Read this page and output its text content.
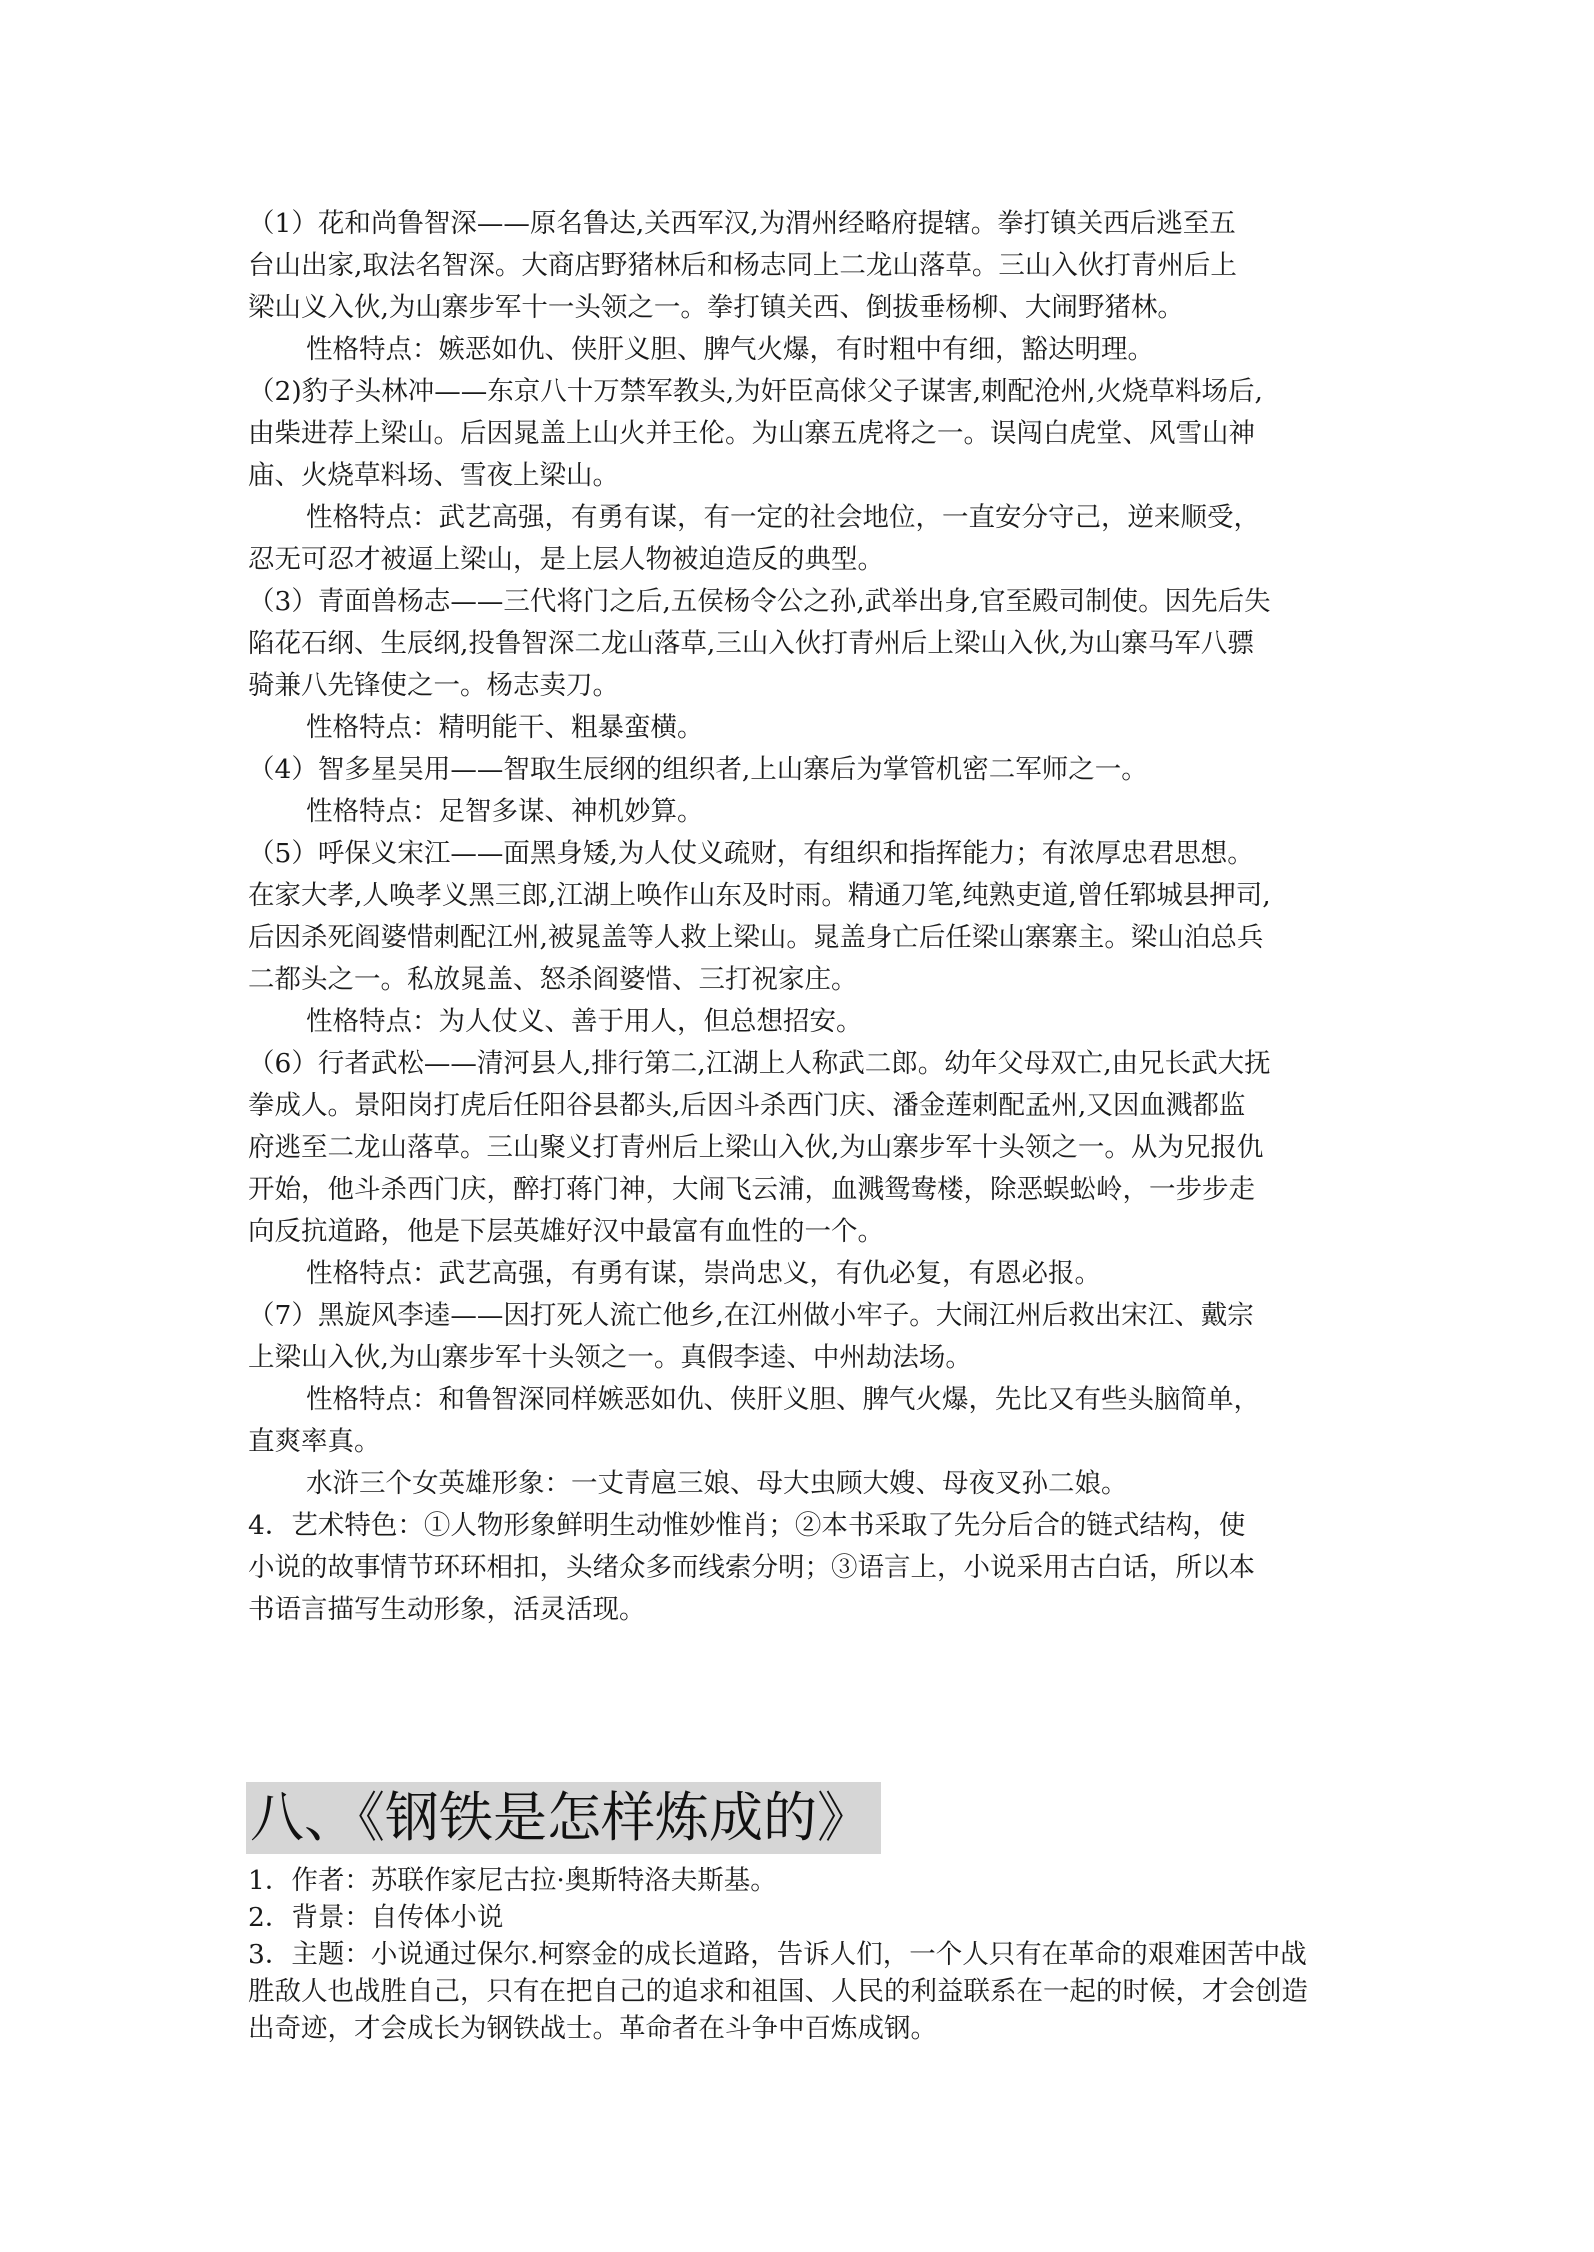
（1）花和尚鲁智深——原名鲁达,关西军汉,为渭州经略府提辖。拳打镇关西后逃至五

台山出家,取法名智深。大商店野猪林后和杨志同上二龙山落草。三山入伙打青州后上

梁山义入伙,为山寨步军十一头领之一。拳打镇关西、倒拔垂杨柳、大闹野猪林。

性格特点：嫉恶如仇、侠肝义胆、脾气火爆，有时粗中有细，豁达明理。

（2)豹子头林冲——东京八十万禁军教头,为奸臣高俅父子谋害,刺配沧州,火烧草料场后,

由柴进荐上梁山。后因晁盖上山火并王伦。为山寨五虎将之一。误闯白虎堂、风雪山神

庙、火烧草料场、雪夜上梁山。

性格特点：武艺高强，有勇有谋，有一定的社会地位，一直安分守己，逆来顺受，

忍无可忍才被逼上梁山，是上层人物被迫造反的典型。

（3）青面兽杨志——三代将门之后,五侯杨令公之孙,武举出身,官至殿司制使。因先后失

陷花石纲、生辰纲,投鲁智深二龙山落草,三山入伙打青州后上梁山入伙,为山寨马军八骠

骑兼八先锋使之一。杨志卖刀。

性格特点：精明能干、粗暴蛮横。

（4）智多星吴用——智取生辰纲的组织者,上山寨后为掌管机密二军师之一。

性格特点：足智多谋、神机妙算。

（5）呼保义宋江——面黑身矮,为人仗义疏财，有组织和指挥能力；有浓厚忠君思想。

在家大孝,人唤孝义黑三郎,江湖上唤作山东及时雨。精通刀笔,纯熟吏道,曾任郓城县押司,

后因杀死阎婆惜刺配江州,被晁盖等人救上梁山。晁盖身亡后任梁山寨寨主。梁山泊总兵

二都头之一。私放晁盖、怒杀阎婆惜、三打祝家庄。

性格特点：为人仗义、善于用人，但总想招安。

（6）行者武松——清河县人,排行第二,江湖上人称武二郎。幼年父母双亡,由兄长武大抚

拳成人。景阳岗打虎后任阳谷县都头,后因斗杀西门庆、潘金莲刺配孟州,又因血溅都监

府逃至二龙山落草。三山聚义打青州后上梁山入伙,为山寨步军十头领之一。从为兄报仇

开始，他斗杀西门庆，醉打蒋门神，大闹飞云浦，血溅鸳鸯楼，除恶蜈蚣岭，一步步走

向反抗道路，他是下层英雄好汉中最富有血性的一个。

性格特点：武艺高强，有勇有谋，崇尚忠义，有仇必复，有恩必报。

（7）黑旋风李逵——因打死人流亡他乡,在江州做小牢子。大闹江州后救出宋江、戴宗

上梁山入伙,为山寨步军十头领之一。真假李逵、中州劫法场。

性格特点：和鲁智深同样嫉恶如仇、侠肝义胆、脾气火爆，先比又有些头脑简单，

直爽率真。

水浒三个女英雄形象：一丈青扈三娘、母大虫顾大嫂、母夜叉孙二娘。

4．艺术特色：①人物形象鲜明生动惟妙惟肖；②本书采取了先分后合的链式结构，使

小说的故事情节环环相扣，头绪众多而线索分明；③语言上，小说采用古白话，所以本

书语言描写生动形象，活灵活现。

八、《钢铁是怎样炼成的》

1．作者：苏联作家尼古拉·奥斯特洛夫斯基。

2．背景：自传体小说

3．主题：小说通过保尔.柯察金的成长道路，告诉人们，一个人只有在革命的艰难困苦中战

胜敌人也战胜自己，只有在把自己的追求和祖国、人民的利益联系在一起的时候，才会创造

出奇迹，才会成长为钢铁战士。革命者在斗争中百炼成钢。
